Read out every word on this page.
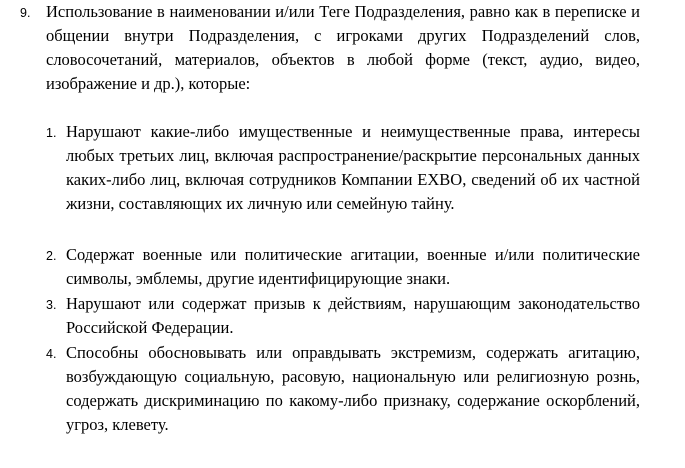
9. Использование в наименовании и/или Теге Подразделения, равно как в переписке и общении внутри Подразделения, с игроками других Подразделений слов, словосочетаний, материалов, объектов в любой форме (текст, аудио, видео, изображение и др.), которые:

1. Нарушают какие-либо имущественные и неимущественные права, интересы любых третьих лиц, включая распространение/раскрытие персональных данных каких-либо лиц, включая сотрудников Компании EXBO, сведений об их частной жизни, составляющих их личную или семейную тайну.

2. Содержат военные или политические агитации, военные и/или политические символы, эмблемы, другие идентифицирующие знаки.

3. Нарушают или содержат призыв к действиям, нарушающим законодательство Российской Федерации.

4. Способны обосновывать или оправдывать экстремизм, содержать агитацию, возбуждающую социальную, расовую, национальную или религиозную рознь, содержать дискриминацию по какому-либо признаку, содержание оскорблений, угроз, клевету.
